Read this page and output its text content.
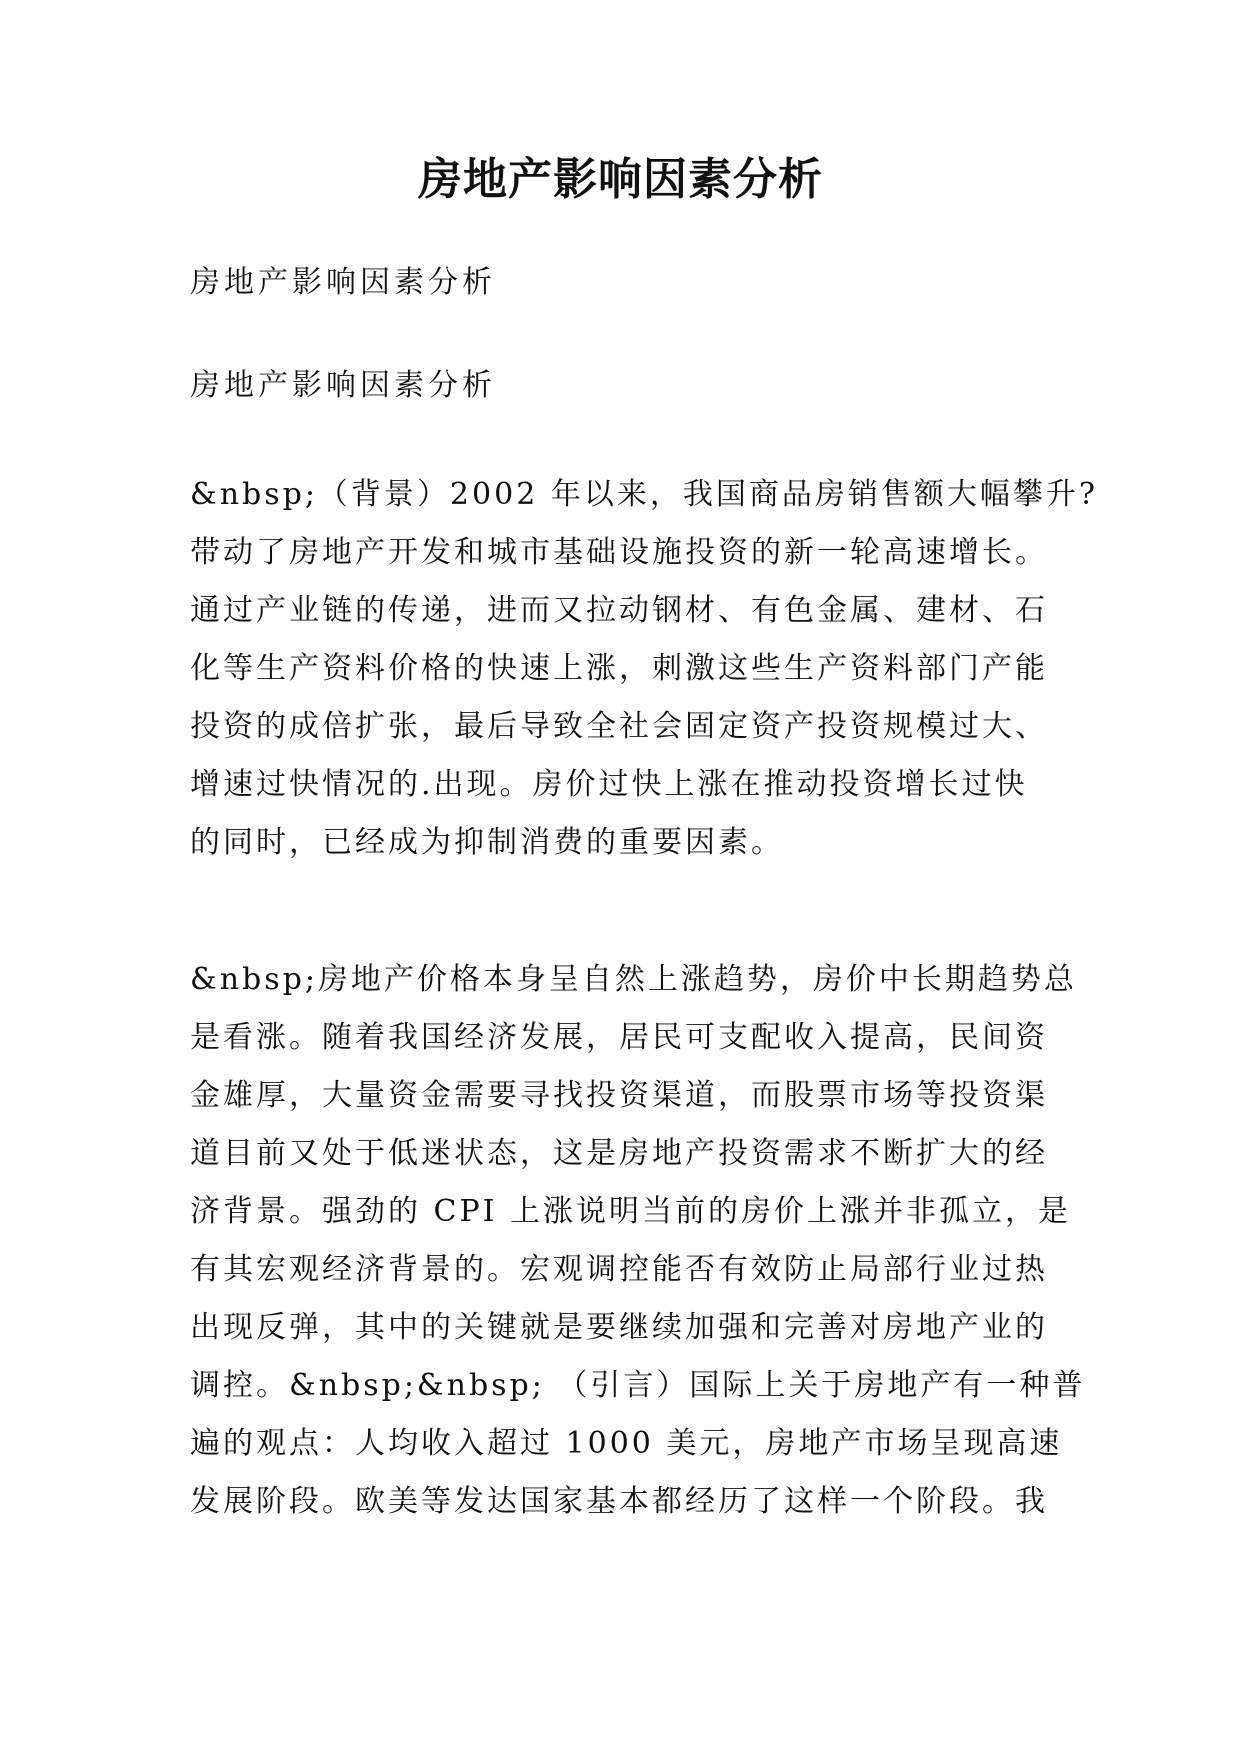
房地产影响因素分析
房地产影响因素分析
房地产影响因素分析
&nbsp;（背景）2002 年以来，我国商品房销售额大幅攀升?
带动了房地产开发和城市基础设施投资的新一轮高速增长。
通过产业链的传递，进而又拉动钢材、有色金属、建材、石
化等生产资料价格的快速上涨，刺激这些生产资料部门产能
投资的成倍扩张，最后导致全社会固定资产投资规模过大、
增速过快情况的.出现。房价过快上涨在推动投资增长过快
的同时，已经成为抑制消费的重要因素。
&nbsp;房地产价格本身呈自然上涨趋势，房价中长期趋势总
是看涨。随着我国经济发展，居民可支配收入提高，民间资
金雄厚，大量资金需要寻找投资渠道，而股票市场等投资渠
道目前又处于低迷状态，这是房地产投资需求不断扩大的经
济背景。强劲的 CPI 上涨说明当前的房价上涨并非孤立，是
有其宏观经济背景的。宏观调控能否有效防止局部行业过热
出现反弹，其中的关键就是要继续加强和完善对房地产业的
调控。&nbsp;&nbsp; （引言）国际上关于房地产有一种普
遍的观点：人均收入超过 1000 美元，房地产市场呈现高速
发展阶段。欧美等发达国家基本都经历了这样一个阶段。我
